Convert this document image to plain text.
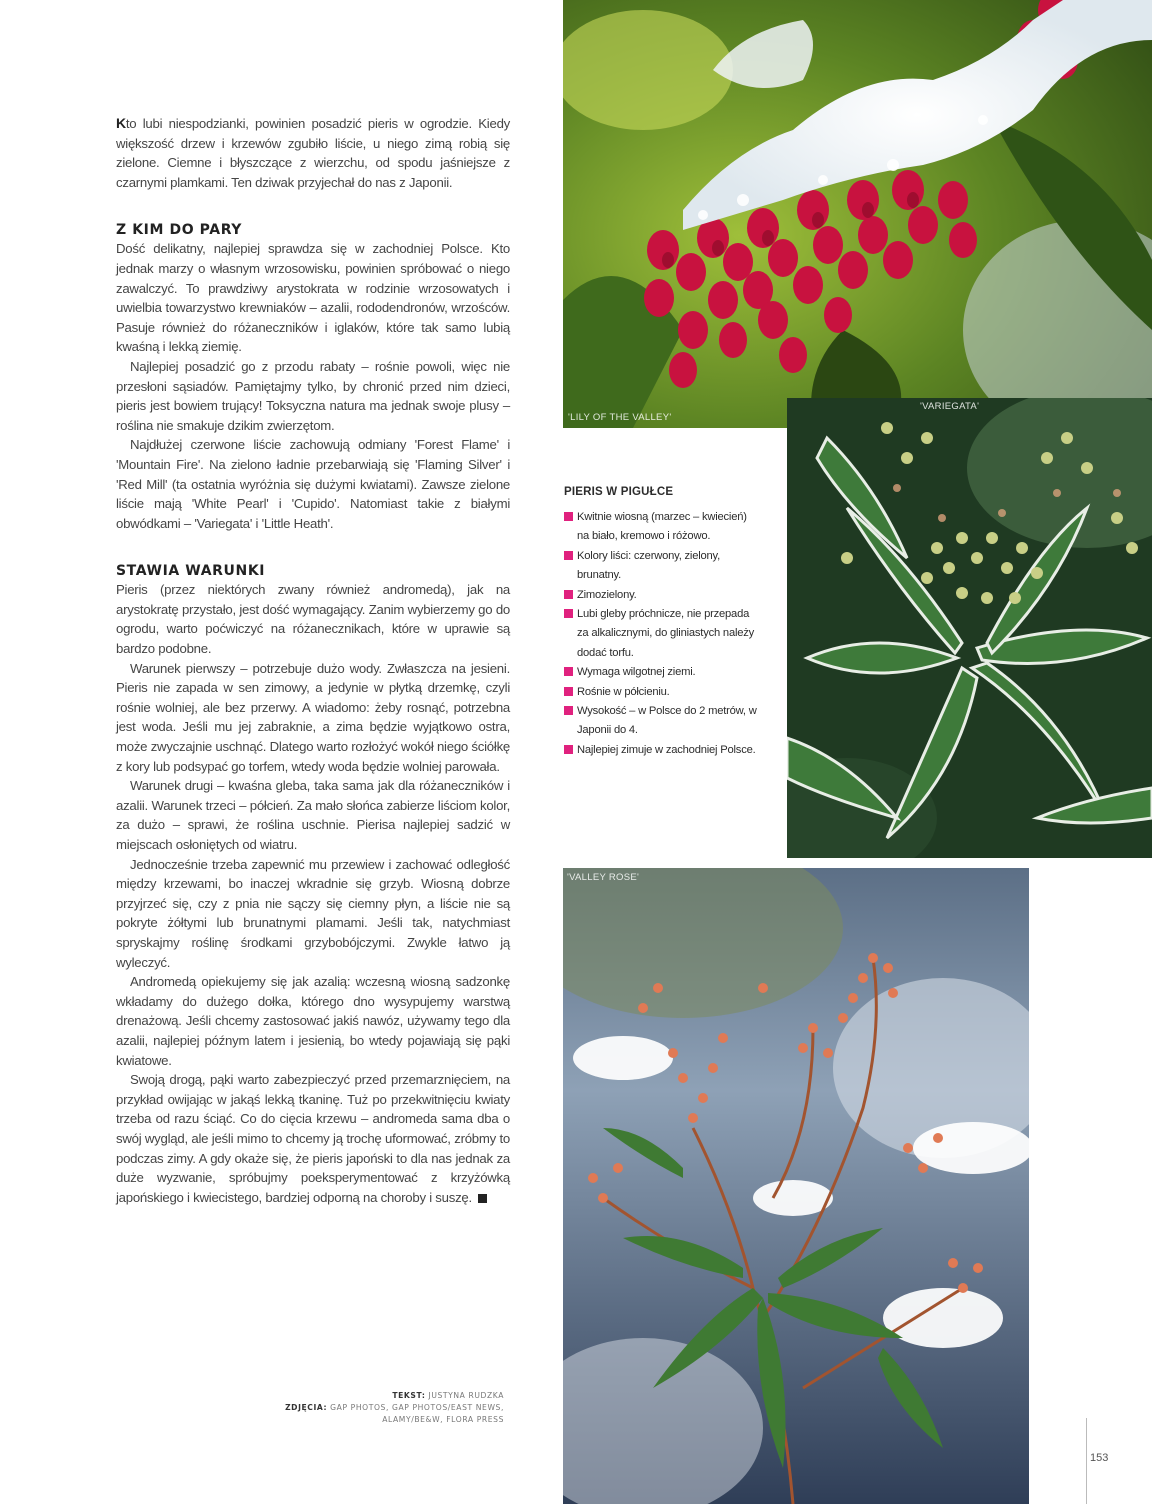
Kto lubi niespodzianki, powinien posadzić pieris w ogrodzie. Kiedy większość drzew i krzewów zgubiło liście, u niego zimą robią się zielone. Ciemne i błyszczące z wierzchu, od spodu jaśniejsze z czarnymi plamkami. Ten dziwak przyjechał do nas z Japonii.

Z KIM DO PARY

Dość delikatny, najlepiej sprawdza się w zachodniej Polsce. Kto jednak marzy o własnym wrzosowisku, powinien spróbować o niego zawalczyć. To prawdziwy arystokrata w rodzinie wrzosowatych i uwielbia towarzystwo krewniaków – azalii, rododendronów, wrzośców. Pasuje również do różaneczników i iglaków, które tak samo lubią kwaśną i lekką ziemię.

Najlepiej posadzić go z przodu rabaty – rośnie powoli, więc nie przesłoni sąsiadów. Pamiętajmy tylko, by chronić przed nim dzieci, pieris jest bowiem trujący! Toksyczna natura ma jednak swoje plusy – roślina nie smakuje dzikim zwierzętom.

Najdłużej czerwone liście zachowują odmiany 'Forest Flame' i 'Mountain Fire'. Na zielono ładnie przebarwiają się 'Flaming Silver' i 'Red Mill' (ta ostatnia wyróżnia się dużymi kwiatami). Zawsze zielone liście mają 'White Pearl' i 'Cupido'. Natomiast takie z białymi obwódkami – 'Variegata' i 'Little Heath'.

STAWIA WARUNKI

Pieris (przez niektórych zwany również andromedą), jak na arystokratę przystało, jest dość wymagający. Zanim wybierzemy go do ogrodu, warto poćwiczyć na różanecznikach, które w uprawie są bardzo podobne.

Warunek pierwszy – potrzebuje dużo wody. Zwłaszcza na jesieni. Pieris nie zapada w sen zimowy, a jedynie w płytką drzemkę, czyli rośnie wolniej, ale bez przerwy. A wiadomo: żeby rosnąć, potrzebna jest woda. Jeśli mu jej zabraknie, a zima będzie wyjątkowo ostra, może zwyczajnie uschnąć. Dlatego warto rozłożyć wokół niego ściółkę z kory lub podsypać go torfem, wtedy woda będzie wolniej parowała.

Warunek drugi – kwaśna gleba, taka sama jak dla różaneczników i azalii. Warunek trzeci – półcień. Za mało słońca zabierze liściom kolor, za dużo – sprawi, że roślina uschnie. Pierisa najlepiej sadzić w miejscach osłoniętych od wiatru.

Jednocześnie trzeba zapewnić mu przewiew i zachować odległość między krzewami, bo inaczej wkradnie się grzyb. Wiosną dobrze przyjrzeć się, czy z pnia nie sączy się ciemny płyn, a liście nie są pokryte żółtymi lub brunatnymi plamami. Jeśli tak, natychmiast spryskajmy roślinę środkami grzybobójczymi. Zwykle łatwo ją wyleczyć.

Andromedą opiekujemy się jak azalią: wczesną wiosną sadzonkę wkładamy do dużego dołka, którego dno wysypujemy warstwą drenażową. Jeśli chcemy zastosować jakiś nawóz, używamy tego dla azalii, najlepiej późnym latem i jesienią, bo wtedy pojawiają się pąki kwiatowe.

Swoją drogą, pąki warto zabezpieczyć przed przemarznięciem, na przykład owijając w jakąś lekką tkaninę. Tuż po przekwitnięciu kwiaty trzeba od razu ściąć. Co do cięcia krzewu – andromeda sama dba o swój wygląd, ale jeśli mimo to chcemy ją trochę uformować, zróbmy to podczas zimy. A gdy okaże się, że pieris japoński to dla nas jednak za duże wyzwanie, spróbujmy poeksperymentować z krzyżówką japońskiego i kwiecistego, bardziej odporną na choroby i suszę.

TEKST: JUSTYNA RUDZKA
ZDJĘCIA: GAP PHOTOS, GAP PHOTOS/EAST NEWS,
ALAMY/BE&W, FLORA PRESS
'LILY OF THE VALLEY'
'VARIEGATA'
'VALLEY ROSE'
PIERIS W PIGUŁCE
Kwitnie wiosną (marzec – kwiecień) na biało, kremowo i różowo.
Kolory liści: czerwony, zielony, brunatny.
Zimozielony.
Lubi gleby próchnicze, nie przepada za alkalicznymi, do gliniastych należy dodać torfu.
Wymaga wilgotnej ziemi.
Rośnie w półcieniu.
Wysokość – w Polsce do 2 metrów, w Japonii do 4.
Najlepiej zimuje w zachodniej Polsce.
153
